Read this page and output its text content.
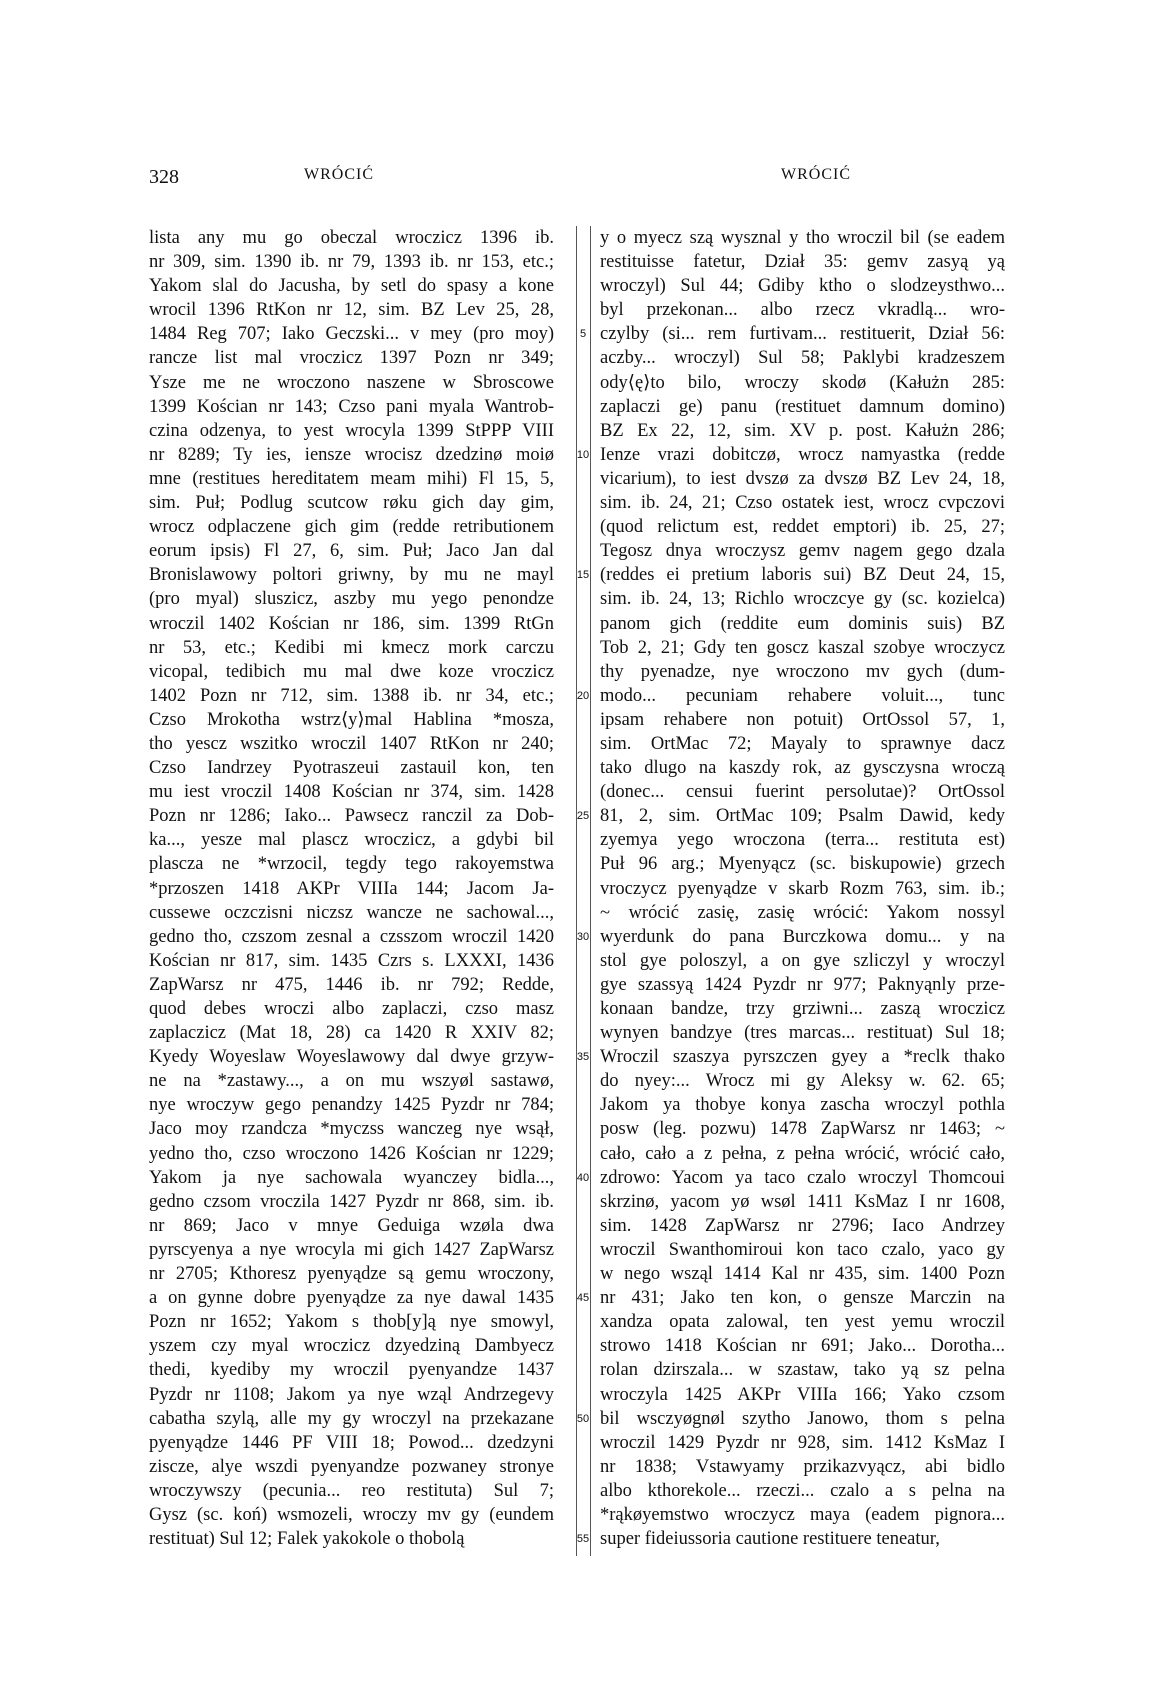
328	WRÓCIĆ	WRÓCIĆ
lista any mu go obeczal wroczicz 1396 ib.
nr 309, sim. 1390 ib. nr 79, 1393 ib. nr 153, etc.;
Yakom slal do Jacusha, by setl do spasy a kone
wrocil 1396 RtKon nr 12, sim. BZ Lev 25, 28,
1484 Reg 707; Iako Geczski... v mey (pro moy)
rancze list mal vroczicz 1397 Pozn nr 349;
Ysze me ne wroczono naszene w Sbroscowe
1399 Kościan nr 143; Czso pani myala Wantrob-
czina odzenya, to yest wrocyla 1399 StPPP VIII
nr 8289; Ty ies, iensze wrocisz dzedzinø moiø
mne (restitues hereditatem meam mihi) Fl 15, 5,
sim. Puł; Podlug scutcow røku gich day gim,
wrocz odplaczene gich gim (redde retributionem
eorum ipsis) Fl 27, 6, sim. Puł; Jaco Jan dal
Bronislawowy poltori griwny, by mu ne mayl
(pro myal) sluszicz, aszby mu yego penondze
wroczil 1402 Kościan nr 186, sim. 1399 RtGn
nr 53, etc.; Kedibi mi kmecz mork carczu
vicopal, tedibich mu mal dwe koze vroczicz
1402 Pozn nr 712, sim. 1388 ib. nr 34, etc.;
Czso Mrokotha wstrz⟨y⟩mal Hablina *mosza,
tho yescz wszitko wroczil 1407 RtKon nr 240;
Czso Iandrzey Pyotraszeui zastauil kon, ten
mu iest vroczil 1408 Kościan nr 374, sim. 1428
Pozn nr 1286; Iako... Pawsecz ranczil za Dob-
ka..., yesze mal plascz wroczicz, a gdybi bil
plascza ne *wrzocil, tegdy tego rakoyemstwa
*przoszen 1418 AKPr VIIIa 144; Jacom Ja-
cussewe oczczisni niczsz wancze ne sachowal...,
gedno tho, czszom zesnal a czsszom wroczil 1420
Kościan nr 817, sim. 1435 Czrs s. LXXXI, 1436
ZapWarsz nr 475, 1446 ib. nr 792; Redde,
quod debes wroczi albo zaplaczi, czso masz
zaplaczicz (Mat 18, 28) ca 1420 R XXIV 82;
Kyedy Woyeslaw Woyeslawowy dal dwye grzyw-
ne na *zastawy..., a on mu wszyøl sastawø,
nye wroczyw gego penandzy 1425 Pyzdr nr 784;
Jaco moy rzandcza *myczss wanczeg nye wsął,
yedno tho, czso wroczono 1426 Kościan nr 1229;
Yakom ja nye sachowala wyanczey bidla...,
gedno czsom vroczila 1427 Pyzdr nr 868, sim. ib.
nr 869; Jaco v mnye Geduiga wzøla dwa
pyrscyenya a nye wrocyla mi gich 1427 ZapWarsz
nr 2705; Kthoresz pyenyądze są gemu wroczony,
a on gynne dobre pyenyądze za nye dawal 1435
Pozn nr 1652; Yakom s thob[y]ą nye smowyl,
yszem czy myal wroczicz dzyedziną Dambyecz
thedi, kyediby my wroczil pyenyandze 1437
Pyzdr nr 1108; Jakom ya nye wząl Andrzegevy
cabatha szylą, alle my gy wroczyl na przekazane
pyenyądze 1446 PF VIII 18; Powod... dzedzyni
ziscze, alye wszdi pyenyandze pozwaney stronye
wroczywszy (pecunia... reo restituta) Sul 7;
Gysz (sc. koń) wsmozeli, wroczy mv gy (eundem
restituat) Sul 12; Falek yakokole o thobolą
5
10
15
20
25
30
35
40
45
50
55
y o myecz szą wysznal y tho wroczil bil (se eadem
restituisse fatetur, Dział 35: gemv zasyą yą
wroczyl) Sul 44; Gdiby ktho o slodzeysthwo...
byl przekonan... albo rzecz vkradlą... wro-
czylby (si... rem furtivam... restituerit, Dział 56:
aczby... wroczyl) Sul 58; Paklybi kradzeszem
ody⟨ę⟩to bilo, wroczy skodø (Kałużn 285:
zaplaczi ge) panu (restituet damnum domino)
BZ Ex 22, 12, sim. XV p. post. Kałużn 286;
Ienze vrazi dobitczø, wrocz namyastka (redde
vicarium), to iest dvszø za dvszø BZ Lev 24, 18,
sim. ib. 24, 21; Czso ostatek iest, wrocz cvpczovi
(quod relictum est, reddet emptori) ib. 25, 27;
Tegosz dnya wroczysz gemv nagem gego dzala
(reddes ei pretium laboris sui) BZ Deut 24, 15,
sim. ib. 24, 13; Richlo wroczcye gy (sc. kozielca)
panom gich (reddite eum dominis suis) BZ
Tob 2, 21; Gdy ten goscz kaszal szobye wroczycz
thy pyenadze, nye wroczono mv gych (dum-
modo... pecuniam rehabere voluit..., tunc
ipsam rehabere non potuit) OrtOssol 57, 1,
sim. OrtMac 72; Mayaly to sprawnye dacz
tako dlugo na kaszdy rok, az gysczysna wroczą
(donec... censui fuerint persolutae)? OrtOssol
81, 2, sim. OrtMac 109; Psalm Dawid, kedy
zyemya yego wroczona (terra... restituta est)
Puł 96 arg.; Myenyącz (sc. biskupowie) grzech
vroczycz pyenyądze v skarb Rozm 763, sim. ib.;
~ wrócić zasię, zasię wrócić: Yakom nossyl
wyerdunk do pana Burczkowa domu... y na
stol gye poloszyl, a on gye szliczyl y wroczyl
gye szassyą 1424 Pyzdr nr 977; Paknyąnly prze-
konaan bandze, trzy grziwni... zaszą wroczicz
wynyen bandzye (tres marcas... restituat) Sul 18;
Wroczil szaszya pyrszczen gyey a *reclk thako
do nyey:... Wrocz mi gy Aleksy w. 62. 65;
Jakom ya thobye konya zascha wroczyl pothla
posw (leg. pozwu) 1478 ZapWarsz nr 1463; ~
cało, cało a z pełna, z pełna wrócić, wrócić cało,
zdrowo: Yacom ya taco czalo wroczyl Thomcoui
skrzinø, yacom yø wsøl 1411 KsMaz I nr 1608,
sim. 1428 ZapWarsz nr 2796; Iaco Andrzey
wroczil Swanthomiroui kon taco czalo, yaco gy
w nego wsząl 1414 Kal nr 435, sim. 1400 Pozn
nr 431; Jako ten kon, o gensze Marczin na
xandza opata zalowal, ten yest yemu wroczil
strowo 1418 Kościan nr 691; Jako... Dorotha...
rolan dzirszala... w szastaw, tako yą sz pelna
wroczyla 1425 AKPr VIIIa 166; Yako czsom
bil wsczyøgnøl szytho Janowo, thom s pelna
wroczil 1429 Pyzdr nr 928, sim. 1412 KsMaz I
nr 1838; Vstawyamy przikazvyącz, abi bidlo
albo kthorekole... rzeczi... czalo a s pelna na
*rąkøyemstwo wroczycz maya (eadem pignora...
super fideiussoria cautione restituere teneatur,
